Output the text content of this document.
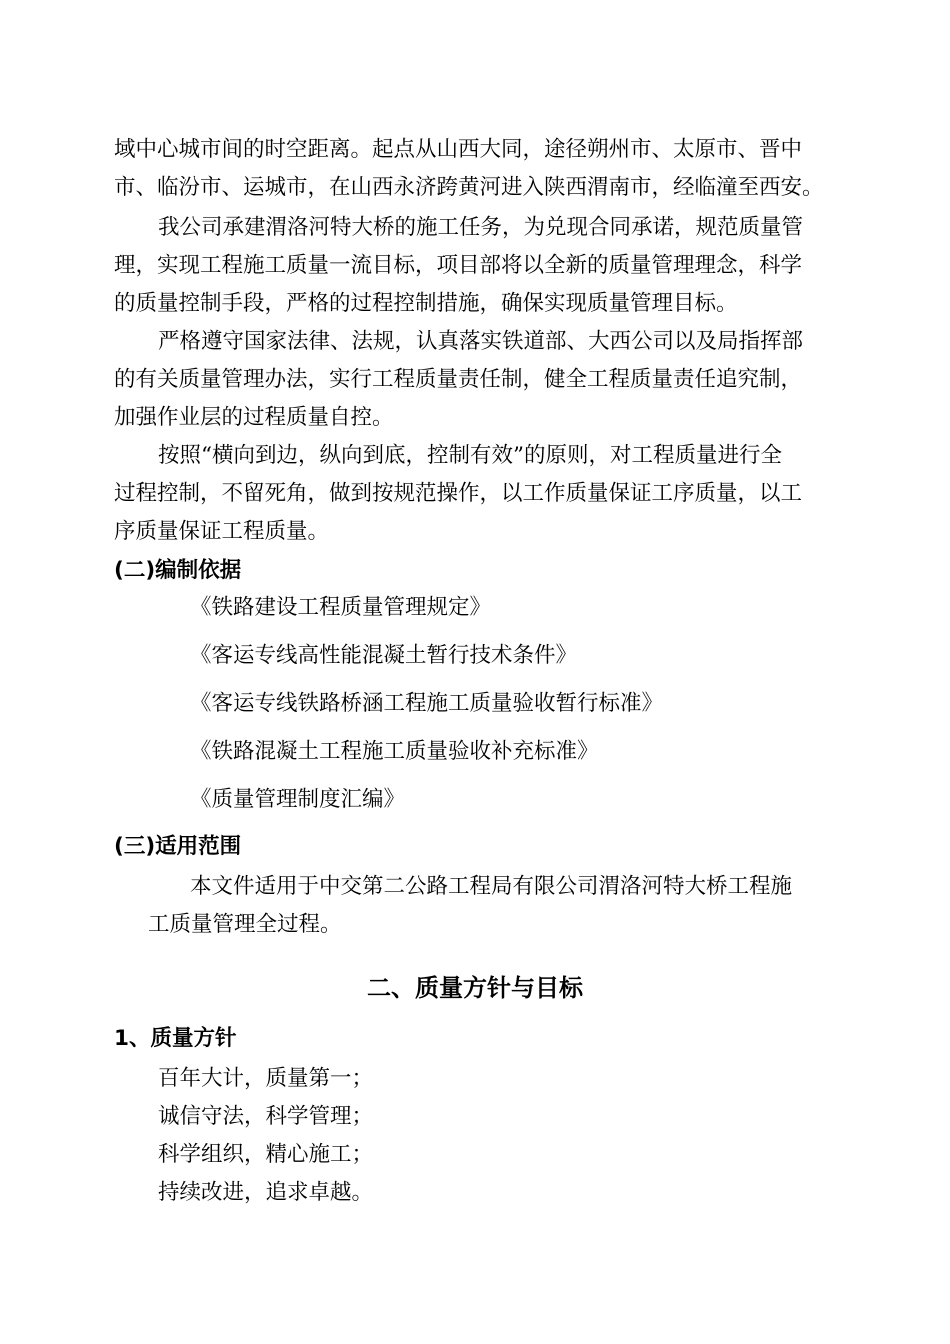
域中心城市间的时空距离。起点从山西大同，途径朔州市、太原市、晋中
市、临汾市、运城市，在山西永济跨黄河进入陕西渭南市，经临潼至西安。
我公司承建渭洛河特大桥的施工任务，为兑现合同承诺，规范质量管
理，实现工程施工质量一流目标，项目部将以全新的质量管理理念，科学
的质量控制手段，严格的过程控制措施，确保实现质量管理目标。
严格遵守国家法律、法规，认真落实铁道部、大西公司以及局指挥部
的有关质量管理办法，实行工程质量责任制，健全工程质量责任追究制，
加强作业层的过程质量自控。
按照“横向到边，纵向到底，控制有效”的原则，对工程质量进行全
过程控制，不留死角，做到按规范操作，以工作质量保证工序质量，以工
序质量保证工程质量。
(二)编制依据
《铁路建设工程质量管理规定》
《客运专线高性能混凝土暂行技术条件》
《客运专线铁路桥涵工程施工质量验收暂行标准》
《铁路混凝土工程施工质量验收补充标准》
《质量管理制度汇编》
(三)适用范围
本文件适用于中交第二公路工程局有限公司渭洛河特大桥工程施
工质量管理全过程。
二、质量方针与目标
1、质量方针
百年大计，质量第一；
诚信守法，科学管理；
科学组织，精心施工；
持续改进，追求卓越。
